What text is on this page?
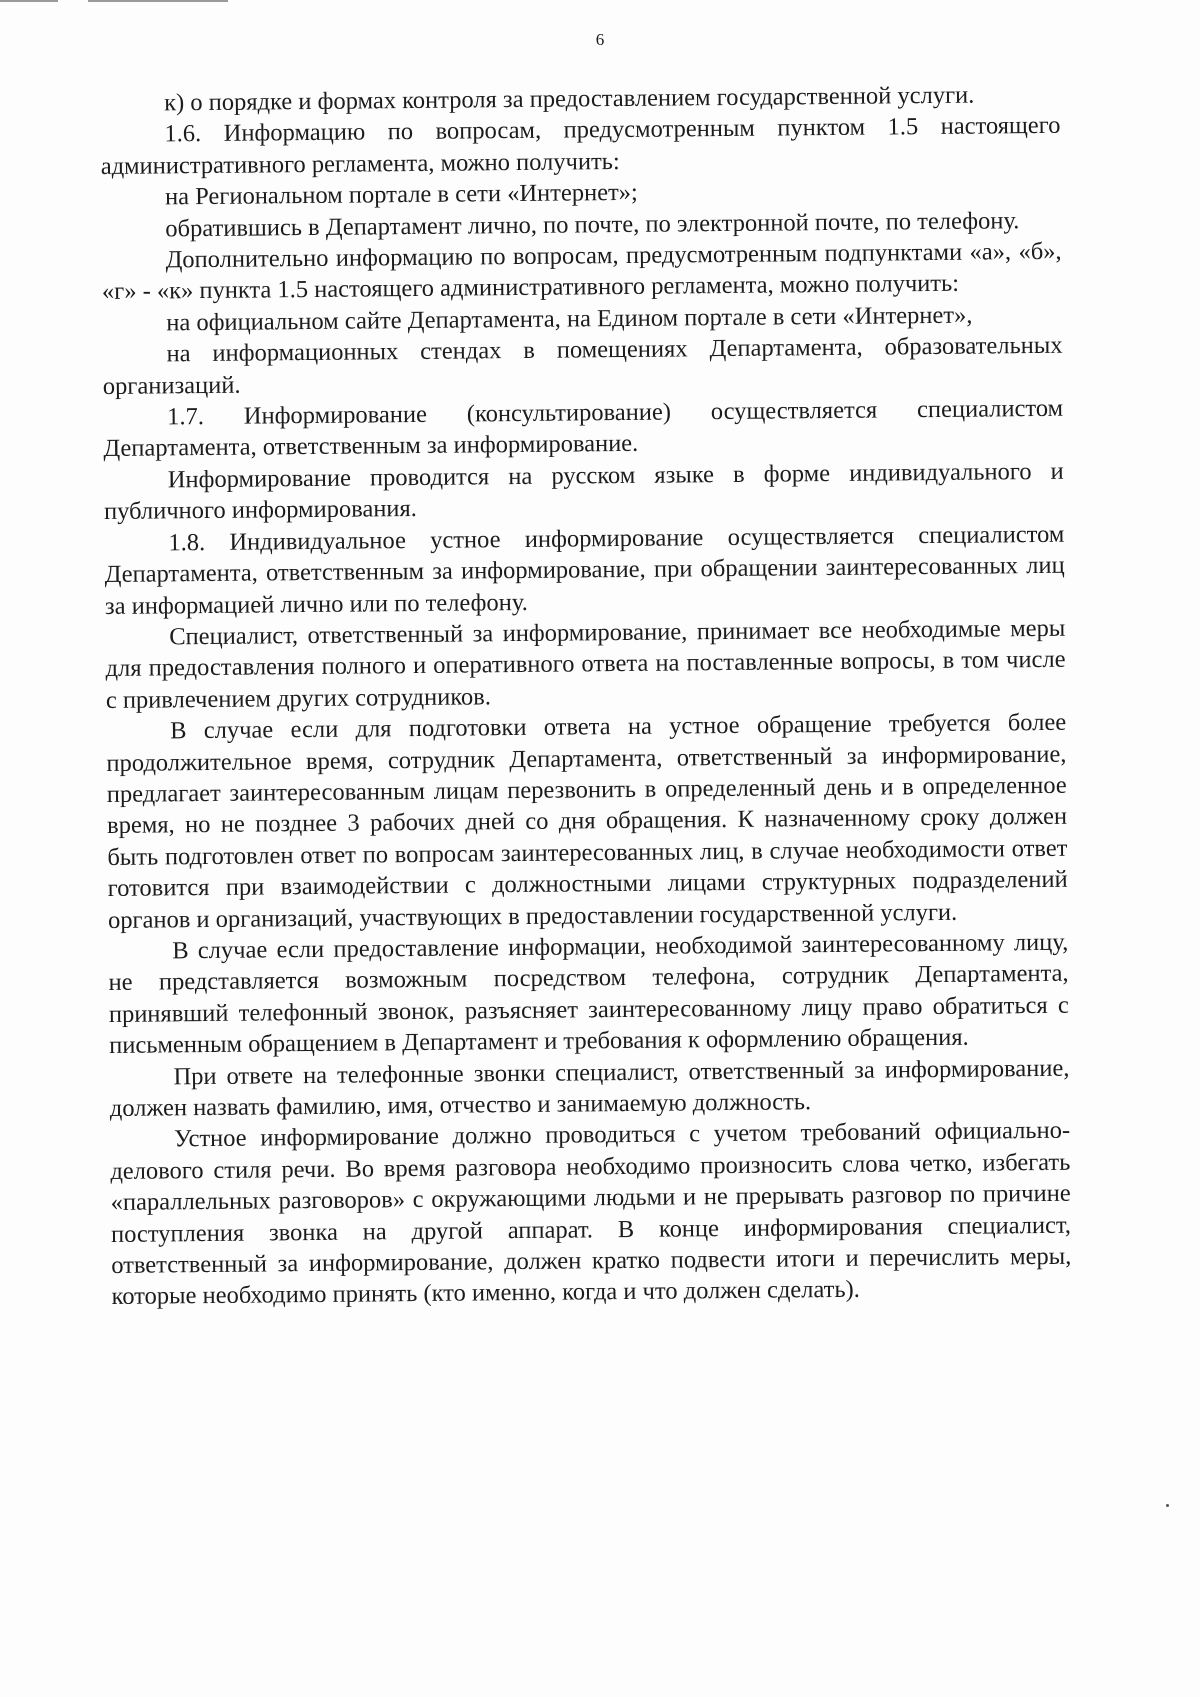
6

к) о порядке и формах контроля за предоставлением государственной услуги.

1.6. Информацию по вопросам, предусмотренным пунктом 1.5 настоящего административного регламента, можно получить:

на Региональном портале в сети «Интернет»;

обратившись в Департамент лично, по почте, по электронной почте, по телефону.

Дополнительно информацию по вопросам, предусмотренным подпунктами «а», «б», «г» - «к» пункта 1.5 настоящего административного регламента, можно получить:

на официальном сайте Департамента, на Едином портале в сети «Интернет»,

на информационных стендах в помещениях Департамента, образовательных организаций.

1.7. Информирование (консультирование) осуществляется специалистом Департамента, ответственным за информирование.

Информирование проводится на русском языке в форме индивидуального и публичного информирования.

1.8. Индивидуальное устное информирование осуществляется специалистом Департамента, ответственным за информирование, при обращении заинтересованных лиц за информацией лично или по телефону.

Специалист, ответственный за информирование, принимает все необходимые меры для предоставления полного и оперативного ответа на поставленные вопросы, в том числе с привлечением других сотрудников.

В случае если для подготовки ответа на устное обращение требуется более продолжительное время, сотрудник Департамента, ответственный за информирование, предлагает заинтересованным лицам перезвонить в определенный день и в определенное время, но не позднее 3 рабочих дней со дня обращения. К назначенному сроку должен быть подготовлен ответ по вопросам заинтересованных лиц, в случае необходимости ответ готовится при взаимодействии с должностными лицами структурных подразделений органов и организаций, участвующих в предоставлении государственной услуги.

В случае если предоставление информации, необходимой заинтересованному лицу, не представляется возможным посредством телефона, сотрудник Департамента, принявший телефонный звонок, разъясняет заинтересованному лицу право обратиться с письменным обращением в Департамент и требования к оформлению обращения.

При ответе на телефонные звонки специалист, ответственный за информирование, должен назвать фамилию, имя, отчество и занимаемую должность.

Устное информирование должно проводиться с учетом требований официально-делового стиля речи. Во время разговора необходимо произносить слова четко, избегать «параллельных разговоров» с окружающими людьми и не прерывать разговор по причине поступления звонка на другой аппарат. В конце информирования специалист, ответственный за информирование, должен кратко подвести итоги и перечислить меры, которые необходимо принять (кто именно, когда и что должен сделать).
